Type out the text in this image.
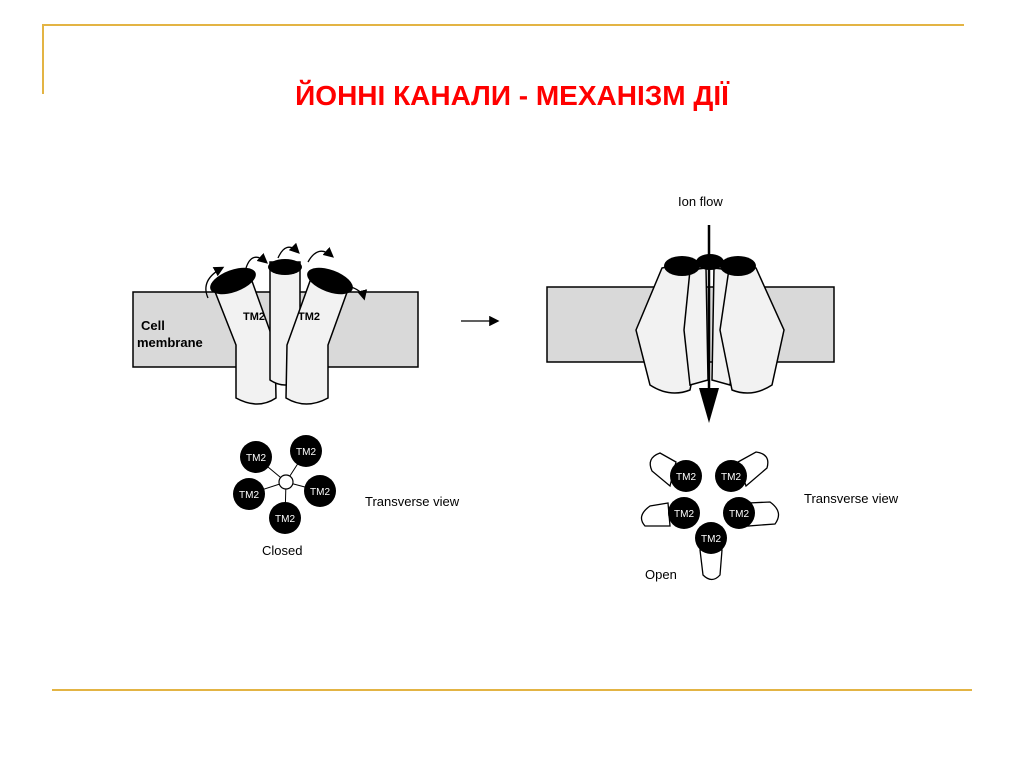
ЙОННІ КАНАЛИ - МЕХАНІЗМ ДІЇ
Cell
membrane
TM2	TM2
TM2
TM2
TM2	TM2
TM2
Transverse view
Closed
Ion flow
TM2	TM2
TM2	TM2
TM2
Transverse view
Open
